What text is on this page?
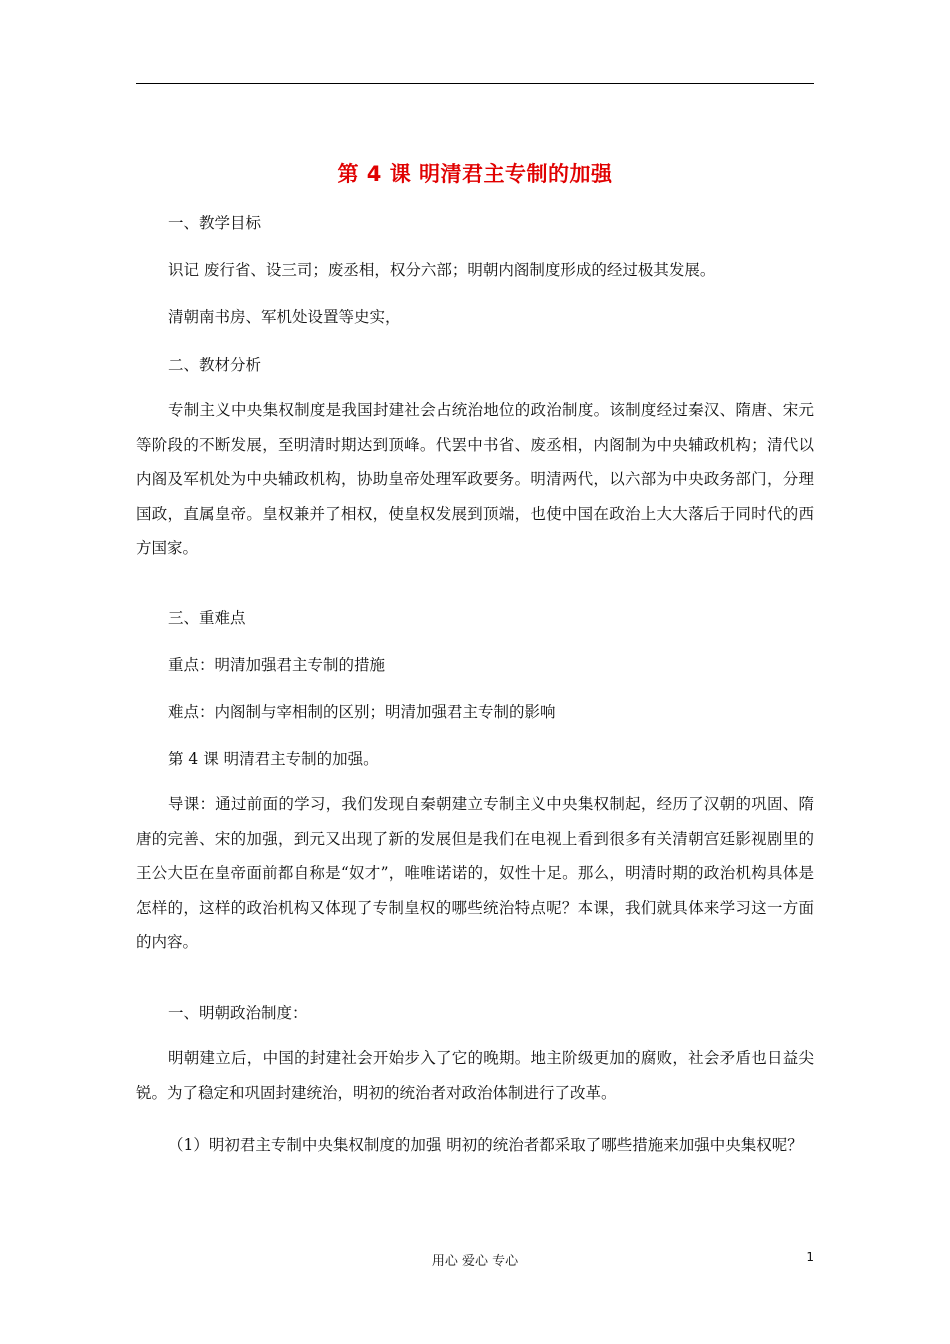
第 4 课 明清君主专制的加强
一、教学目标
识记 废行省、设三司；废丞相，权分六部；明朝内阁制度形成的经过极其发展。
清朝南书房、军机处设置等史实，
二、教材分析
专制主义中央集权制度是我国封建社会占统治地位的政治制度。该制度经过秦汉、隋唐、宋元等阶段的不断发展，至明清时期达到顶峰。代罢中书省、废丞相，内阁制为中央辅政机构；清代以内阁及军机处为中央辅政机构，协助皇帝处理军政要务。明清两代，以六部为中央政务部门，分理国政，直属皇帝。皇权兼并了相权，使皇权发展到顶端，也使中国在政治上大大落后于同时代的西方国家。
三、重难点
重点：明清加强君主专制的措施
难点：内阁制与宰相制的区别；明清加强君主专制的影响
第 4 课 明清君主专制的加强。
导课：通过前面的学习，我们发现自秦朝建立专制主义中央集权制起，经历了汉朝的巩固、隋唐的完善、宋的加强，到元又出现了新的发展但是我们在电视上看到很多有关清朝宫廷影视剧里的王公大臣在皇帝面前都自称是“奴才”，唯唯诺诺的，奴性十足。那么，明清时期的政治机构具体是怎样的，这样的政治机构又体现了专制皇权的哪些统治特点呢？本课，我们就具体来学习这一方面的内容。
一、明朝政治制度：
明朝建立后，中国的封建社会开始步入了它的晚期。地主阶级更加的腐败，社会矛盾也日益尖锐。为了稳定和巩固封建统治，明初的统治者对政治体制进行了改革。
（1）明初君主专制中央集权制度的加强 明初的统治者都采取了哪些措施来加强中央集权呢？
用心 爱心 专心	1
